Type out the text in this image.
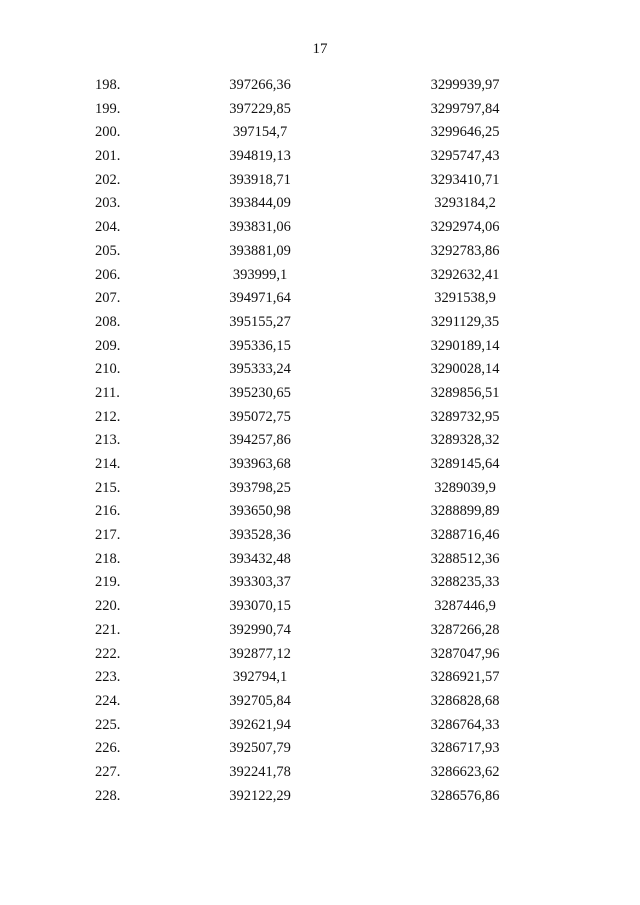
17
198.	397266,36	3299939,97
199.	397229,85	3299797,84
200.	397154,7	3299646,25
201.	394819,13	3295747,43
202.	393918,71	3293410,71
203.	393844,09	3293184,2
204.	393831,06	3292974,06
205.	393881,09	3292783,86
206.	393999,1	3292632,41
207.	394971,64	3291538,9
208.	395155,27	3291129,35
209.	395336,15	3290189,14
210.	395333,24	3290028,14
211.	395230,65	3289856,51
212.	395072,75	3289732,95
213.	394257,86	3289328,32
214.	393963,68	3289145,64
215.	393798,25	3289039,9
216.	393650,98	3288899,89
217.	393528,36	3288716,46
218.	393432,48	3288512,36
219.	393303,37	3288235,33
220.	393070,15	3287446,9
221.	392990,74	3287266,28
222.	392877,12	3287047,96
223.	392794,1	3286921,57
224.	392705,84	3286828,68
225.	392621,94	3286764,33
226.	392507,79	3286717,93
227.	392241,78	3286623,62
228.	392122,29	3286576,86
